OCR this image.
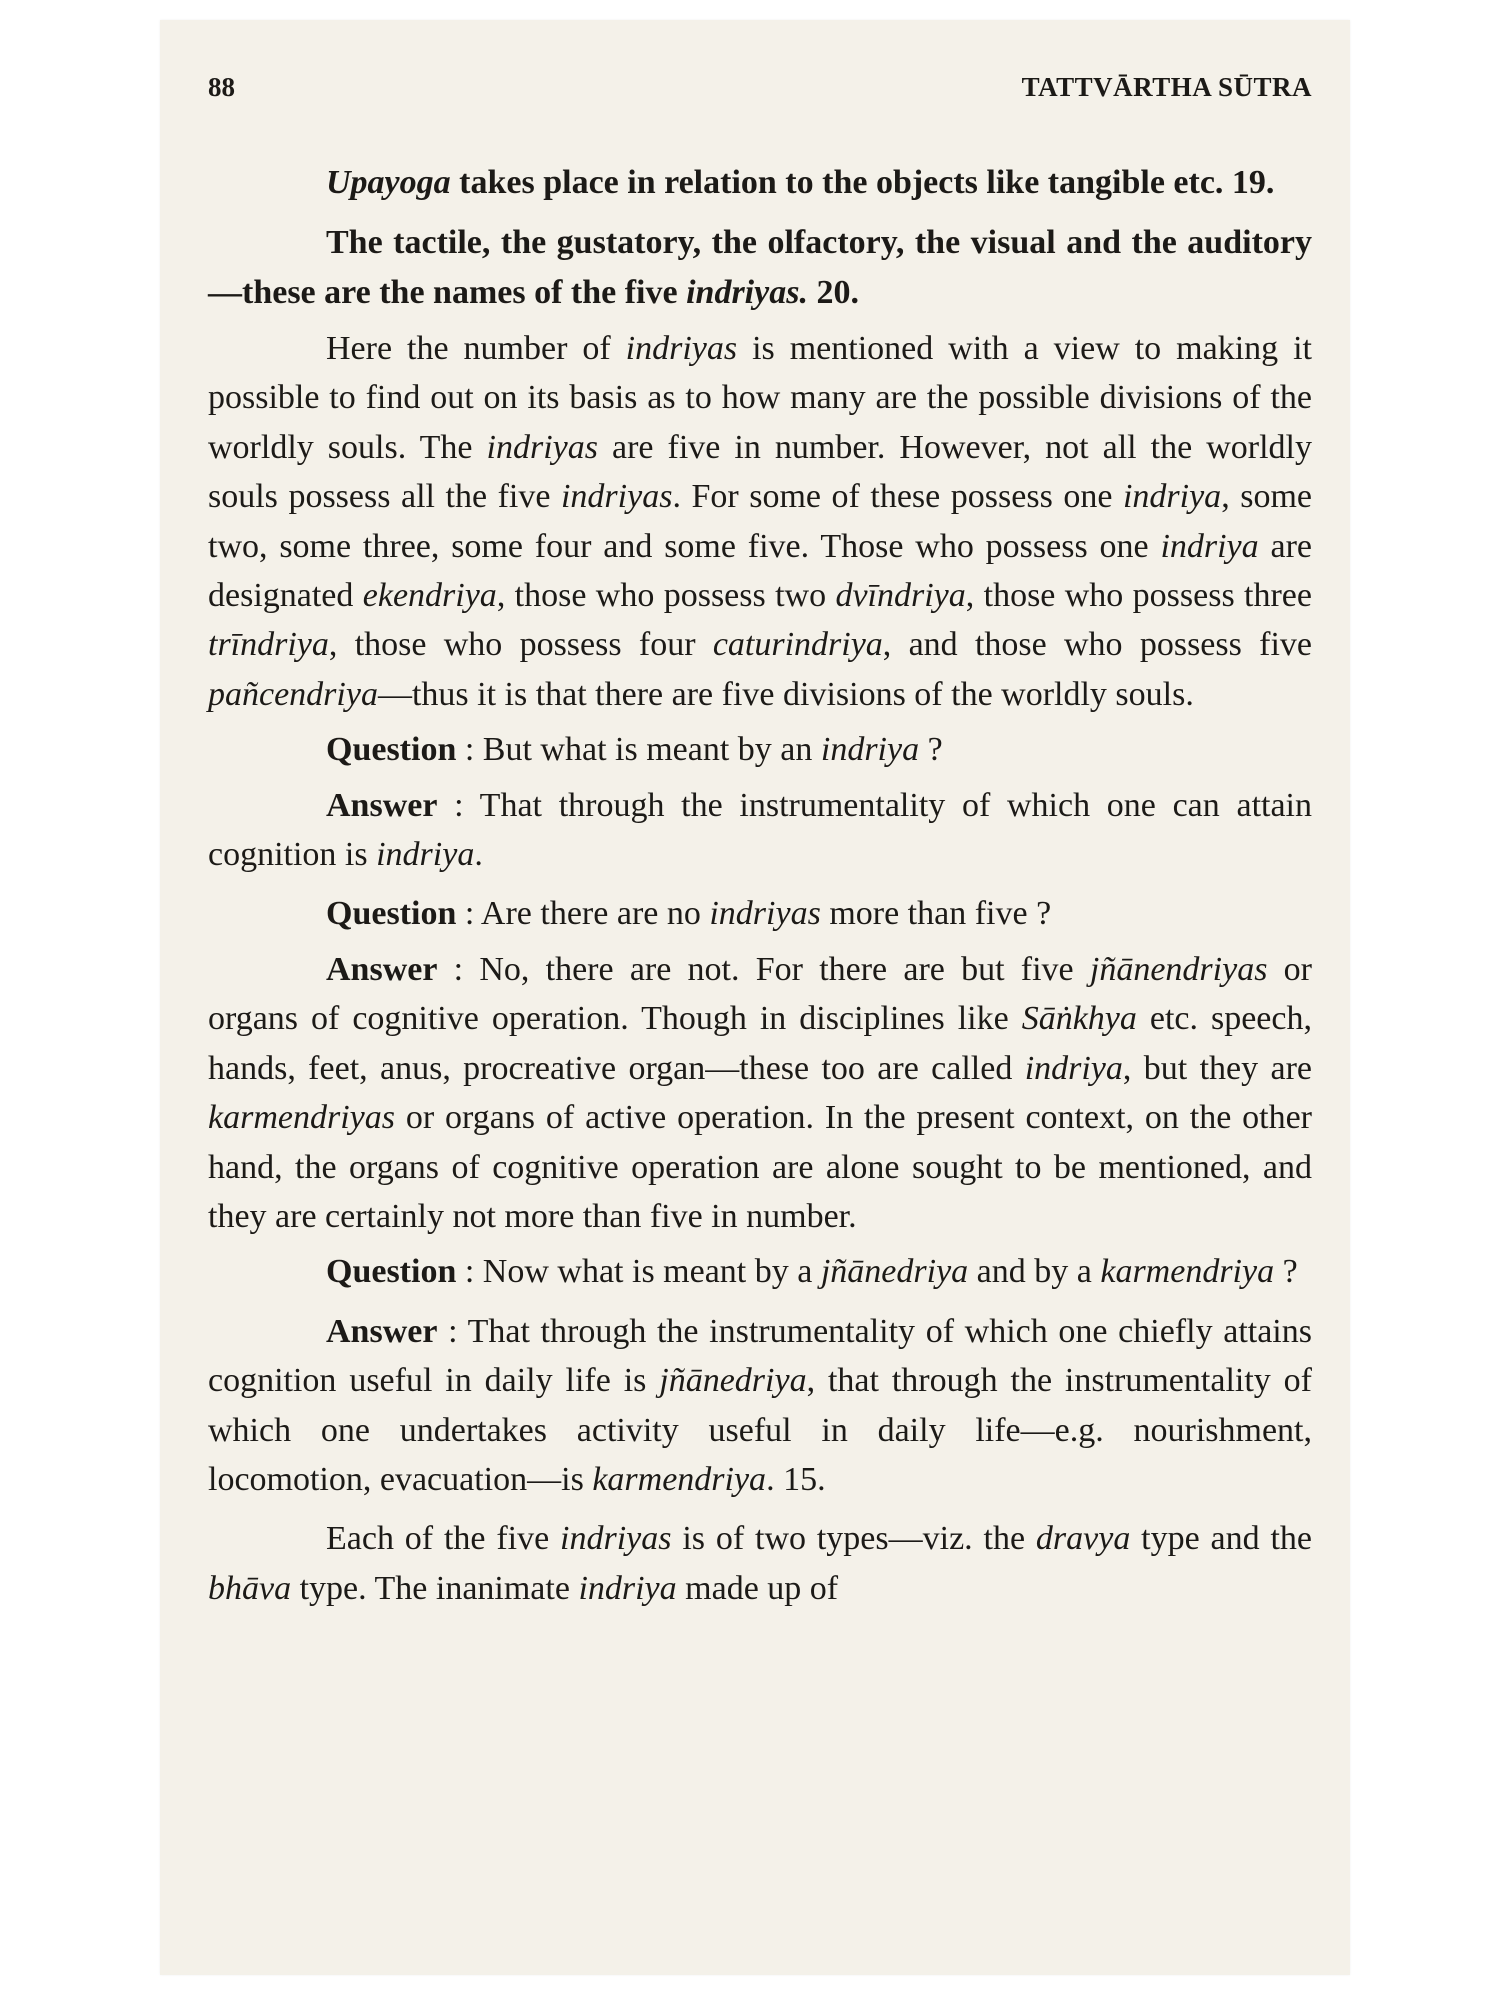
88	TATTVĀRTHA SŪTRA

Upayoga takes place in relation to the objects like tangible etc. 19.

The tactile, the gustatory, the olfactory, the visual and the auditory—these are the names of the five indriyas. 20.

Here the number of indriyas is mentioned with a view to making it possible to find out on its basis as to how many are the possible divisions of the worldly souls. The indriyas are five in number. However, not all the worldly souls possess all the five indriyas. For some of these possess one indriya, some two, some three, some four and some five. Those who possess one indriya are designated ekendriya, those who possess two dvīndriya, those who possess three trīndriya, those who possess four caturindriya, and those who possess five pañcendriya—thus it is that there are five divisions of the worldly souls.

Question : But what is meant by an indriya ?

Answer : That through the instrumentality of which one can attain cognition is indriya.

Question : Are there are no indriyas more than five ?

Answer : No, there are not. For there are but five jñānendriyas or organs of cognitive operation. Though in disciplines like Sāṅkhya etc. speech, hands, feet, anus, procreative organ—these too are called indriya, but they are karmendriyas or organs of active operation. In the present context, on the other hand, the organs of cognitive operation are alone sought to be mentioned, and they are certainly not more than five in number.

Question : Now what is meant by a jñānedriya and by a karmendriya ?

Answer : That through the instrumentality of which one chiefly attains cognition useful in daily life is jñānedriya, that through the instrumentality of which one undertakes activity useful in daily life—e.g. nourishment, locomotion, evacuation—is karmendriya. 15.

Each of the five indriyas is of two types—viz. the dravya type and the bhāva type. The inanimate indriya made up of
